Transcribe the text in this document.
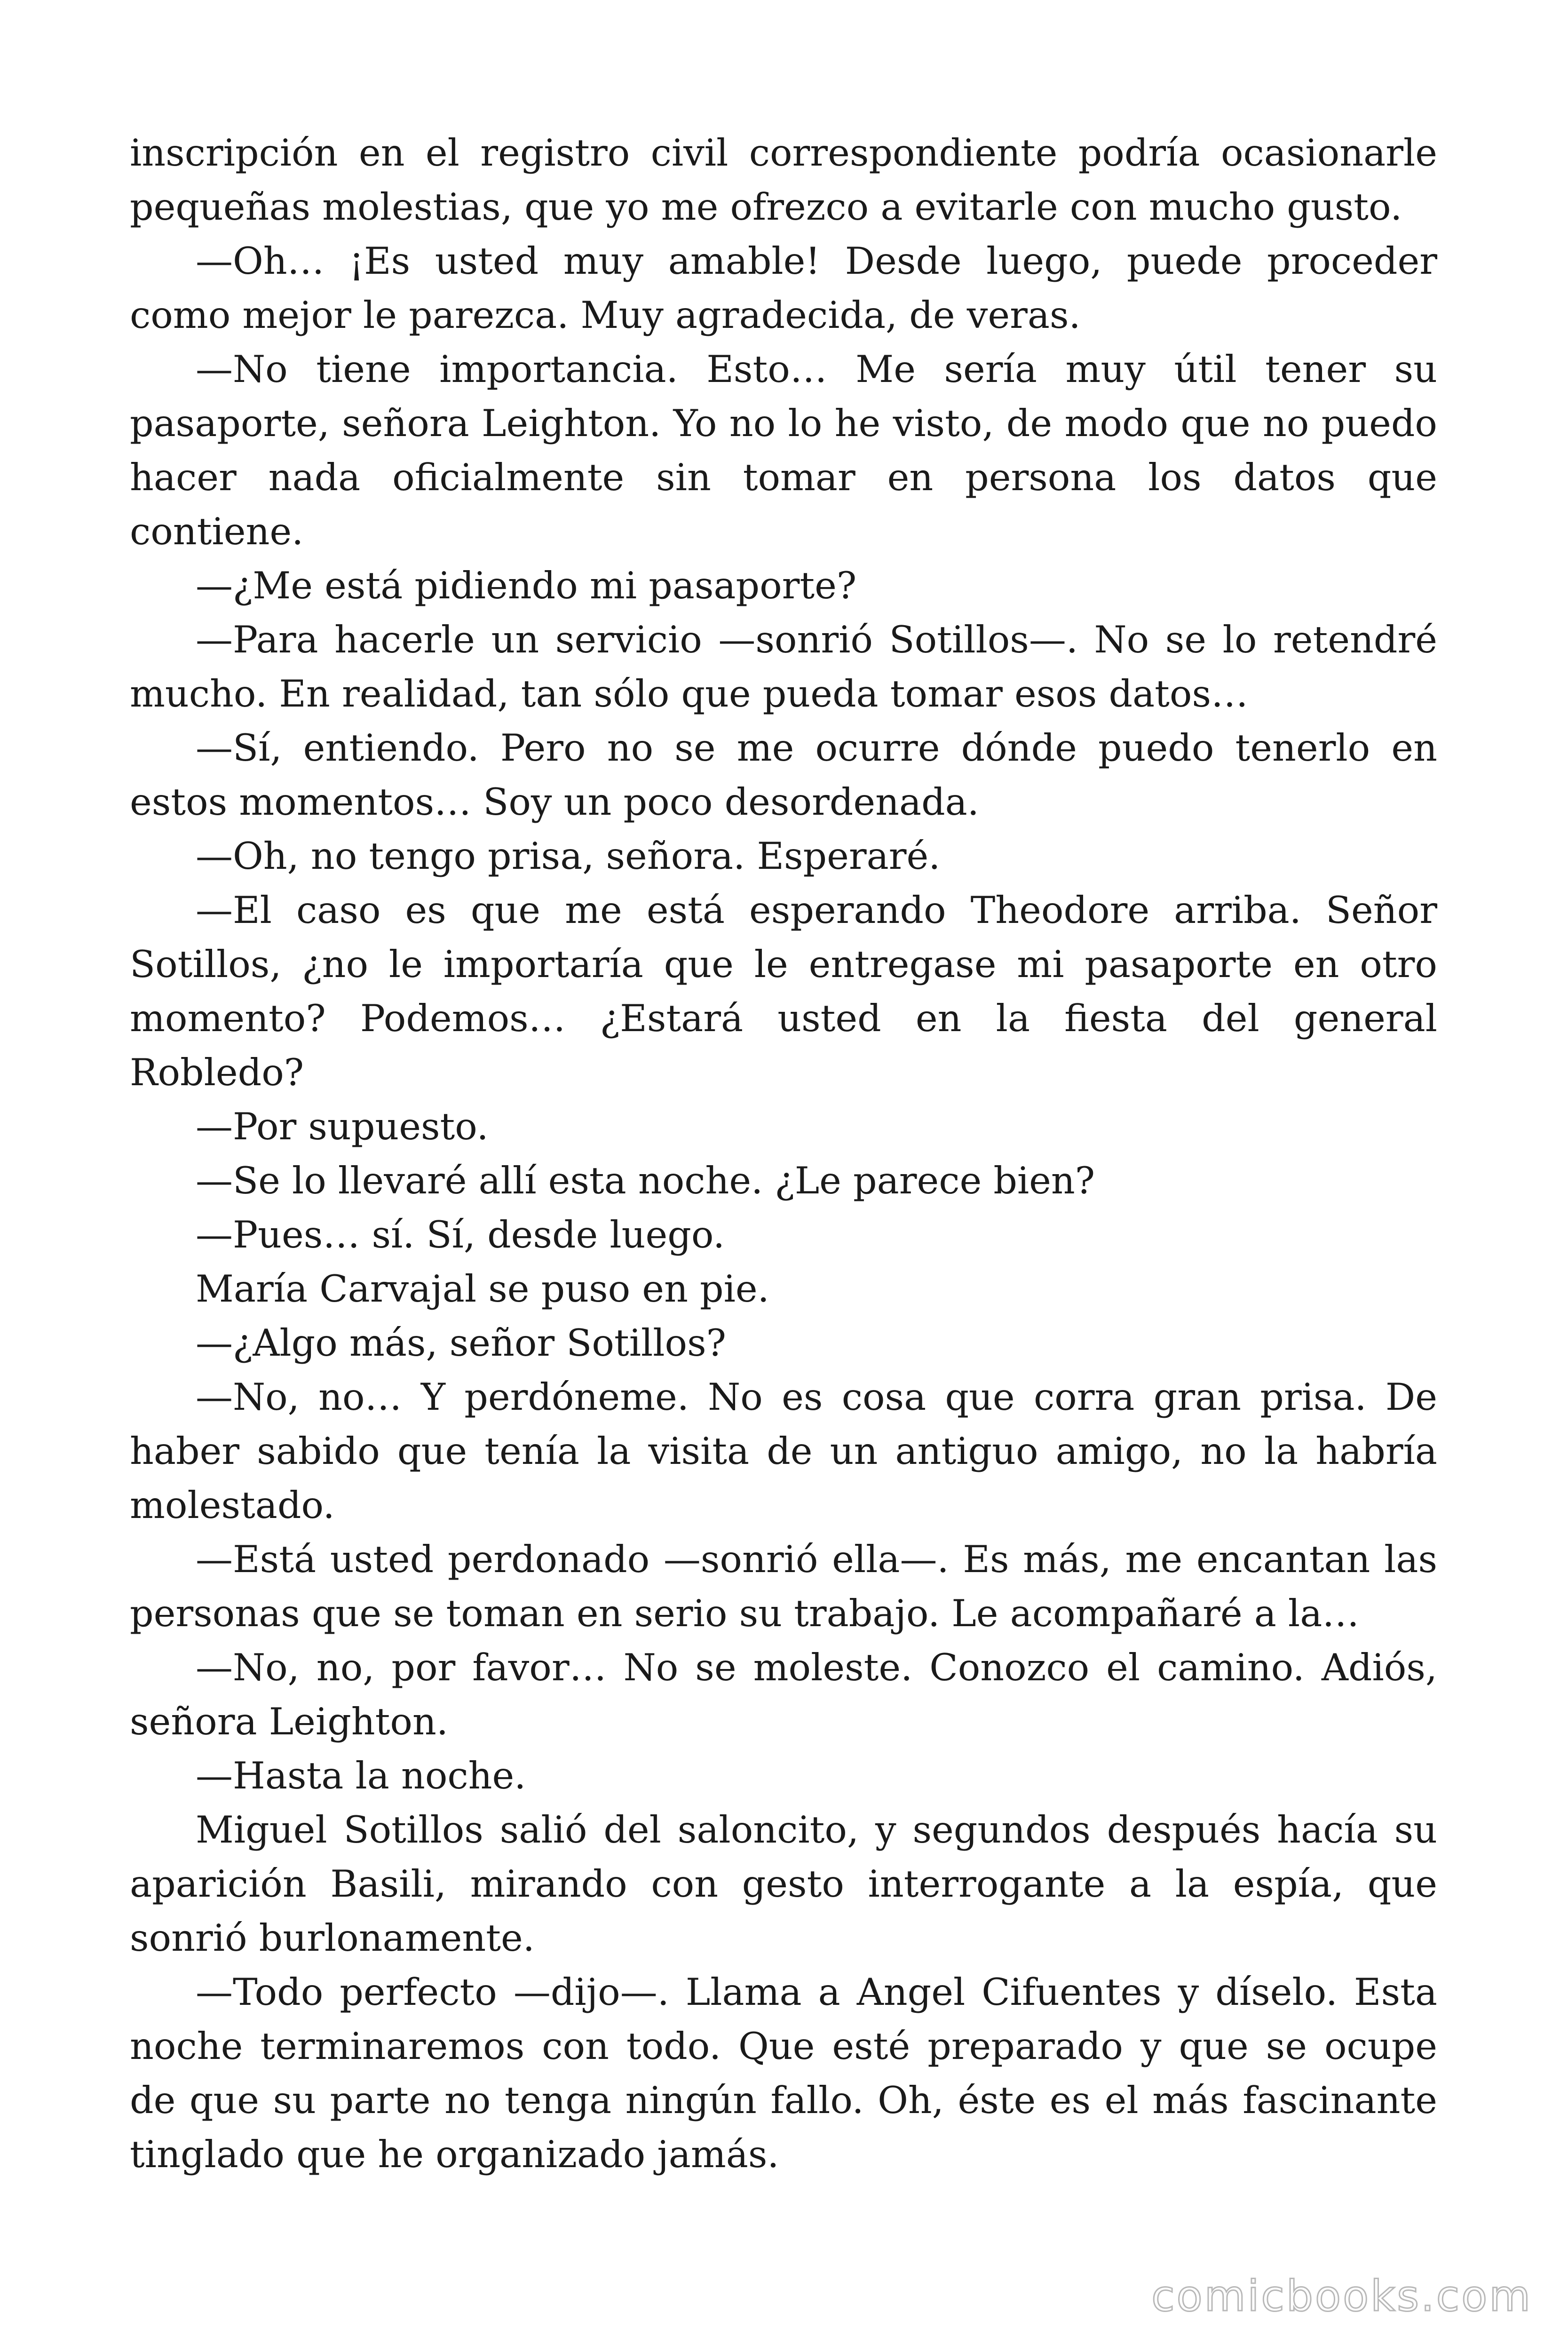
inscripción en el registro civil correspondiente podría ocasionarle pequeñas molestias, que yo me ofrezco a evitarle con mucho gusto.

—Oh… ¡Es usted muy amable! Desde luego, puede proceder como mejor le parezca. Muy agradecida, de veras.

—No tiene importancia. Esto… Me sería muy útil tener su pasaporte, señora Leighton. Yo no lo he visto, de modo que no puedo hacer nada oficialmente sin tomar en persona los datos que contiene.

—¿Me está pidiendo mi pasaporte?

—Para hacerle un servicio —sonrió Sotillos—. No se lo retendré mucho. En realidad, tan sólo que pueda tomar esos datos…

—Sí, entiendo. Pero no se me ocurre dónde puedo tenerlo en estos momentos… Soy un poco desordenada.

—Oh, no tengo prisa, señora. Esperaré.

—El caso es que me está esperando Theodore arriba. Señor Sotillos, ¿no le importaría que le entregase mi pasaporte en otro momento? Podemos… ¿Estará usted en la fiesta del general Robledo?

—Por supuesto.

—Se lo llevaré allí esta noche. ¿Le parece bien?

—Pues… sí. Sí, desde luego.

María Carvajal se puso en pie.

—¿Algo más, señor Sotillos?

—No, no… Y perdóneme. No es cosa que corra gran prisa. De haber sabido que tenía la visita de un antiguo amigo, no la habría molestado.

—Está usted perdonado —sonrió ella—. Es más, me encantan las personas que se toman en serio su trabajo. Le acompañaré a la…

—No, no, por favor… No se moleste. Conozco el camino. Adiós, señora Leighton.

—Hasta la noche.

Miguel Sotillos salió del saloncito, y segundos después hacía su aparición Basili, mirando con gesto interrogante a la espía, que sonrió burlonamente.

—Todo perfecto —dijo—. Llama a Angel Cifuentes y díselo. Esta noche terminaremos con todo. Que esté preparado y que se ocupe de que su parte no tenga ningún fallo. Oh, éste es el más fascinante tinglado que he organizado jamás.

comicbooks.com
